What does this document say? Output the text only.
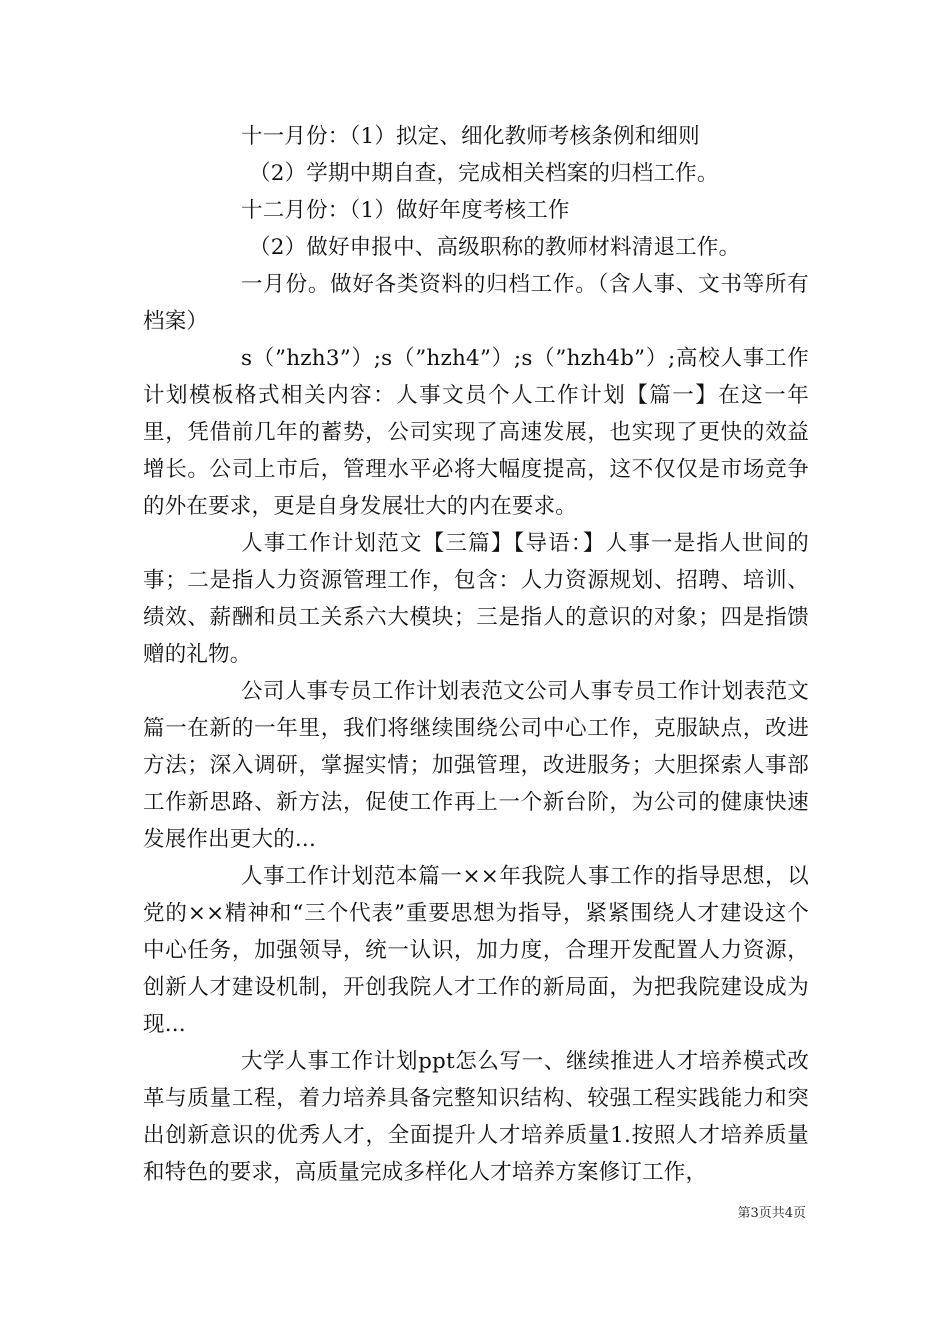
十一月份：（1）拟定、细化教师考核条例和细则

（2）学期中期自查，完成相关档案的归档工作。

十二月份：（1）做好年度考核工作

（2）做好申报中、高级职称的教师材料清退工作。

一月份。做好各类资料的归档工作。（含人事、文书等所有档案）

s（”hzh3”）;s（”hzh4”）;s（”hzh4b”）;高校人事工作计划模板格式相关内容：人事文员个人工作计划【篇一】在这一年里，凭借前几年的蓄势，公司实现了高速发展，也实现了更快的效益增长。公司上市后，管理水平必将大幅度提高，这不仅仅是市场竞争的外在要求，更是自身发展壮大的内在要求。

人事工作计划范文【三篇】【导语：】人事一是指人世间的事；二是指人力资源管理工作，包含：人力资源规划、招聘、培训、绩效、薪酬和员工关系六大模块；三是指人的意识的对象；四是指馈赠的礼物。

公司人事专员工作计划表范文公司人事专员工作计划表范文篇一在新的一年里，我们将继续围绕公司中心工作，克服缺点，改进方法；深入调研，掌握实情；加强管理，改进服务；大胆探索人事部工作新思路、新方法，促使工作再上一个新台阶，为公司的健康快速发展作出更大的...

人事工作计划范本篇一××年我院人事工作的指导思想，以党的××精神和“三个代表”重要思想为指导，紧紧围绕人才建设这个中心任务，加强领导，统一认识，加力度，合理开发配置人力资源，创新人才建设机制，开创我院人才工作的新局面，为把我院建设成为现...

大学人事工作计划ppt怎么写一、继续推进人才培养模式改革与质量工程，着力培养具备完整知识结构、较强工程实践能力和突出创新意识的优秀人才，全面提升人才培养质量1.按照人才培养质量和特色的要求，高质量完成多样化人才培养方案修订工作，

第3页共4页
